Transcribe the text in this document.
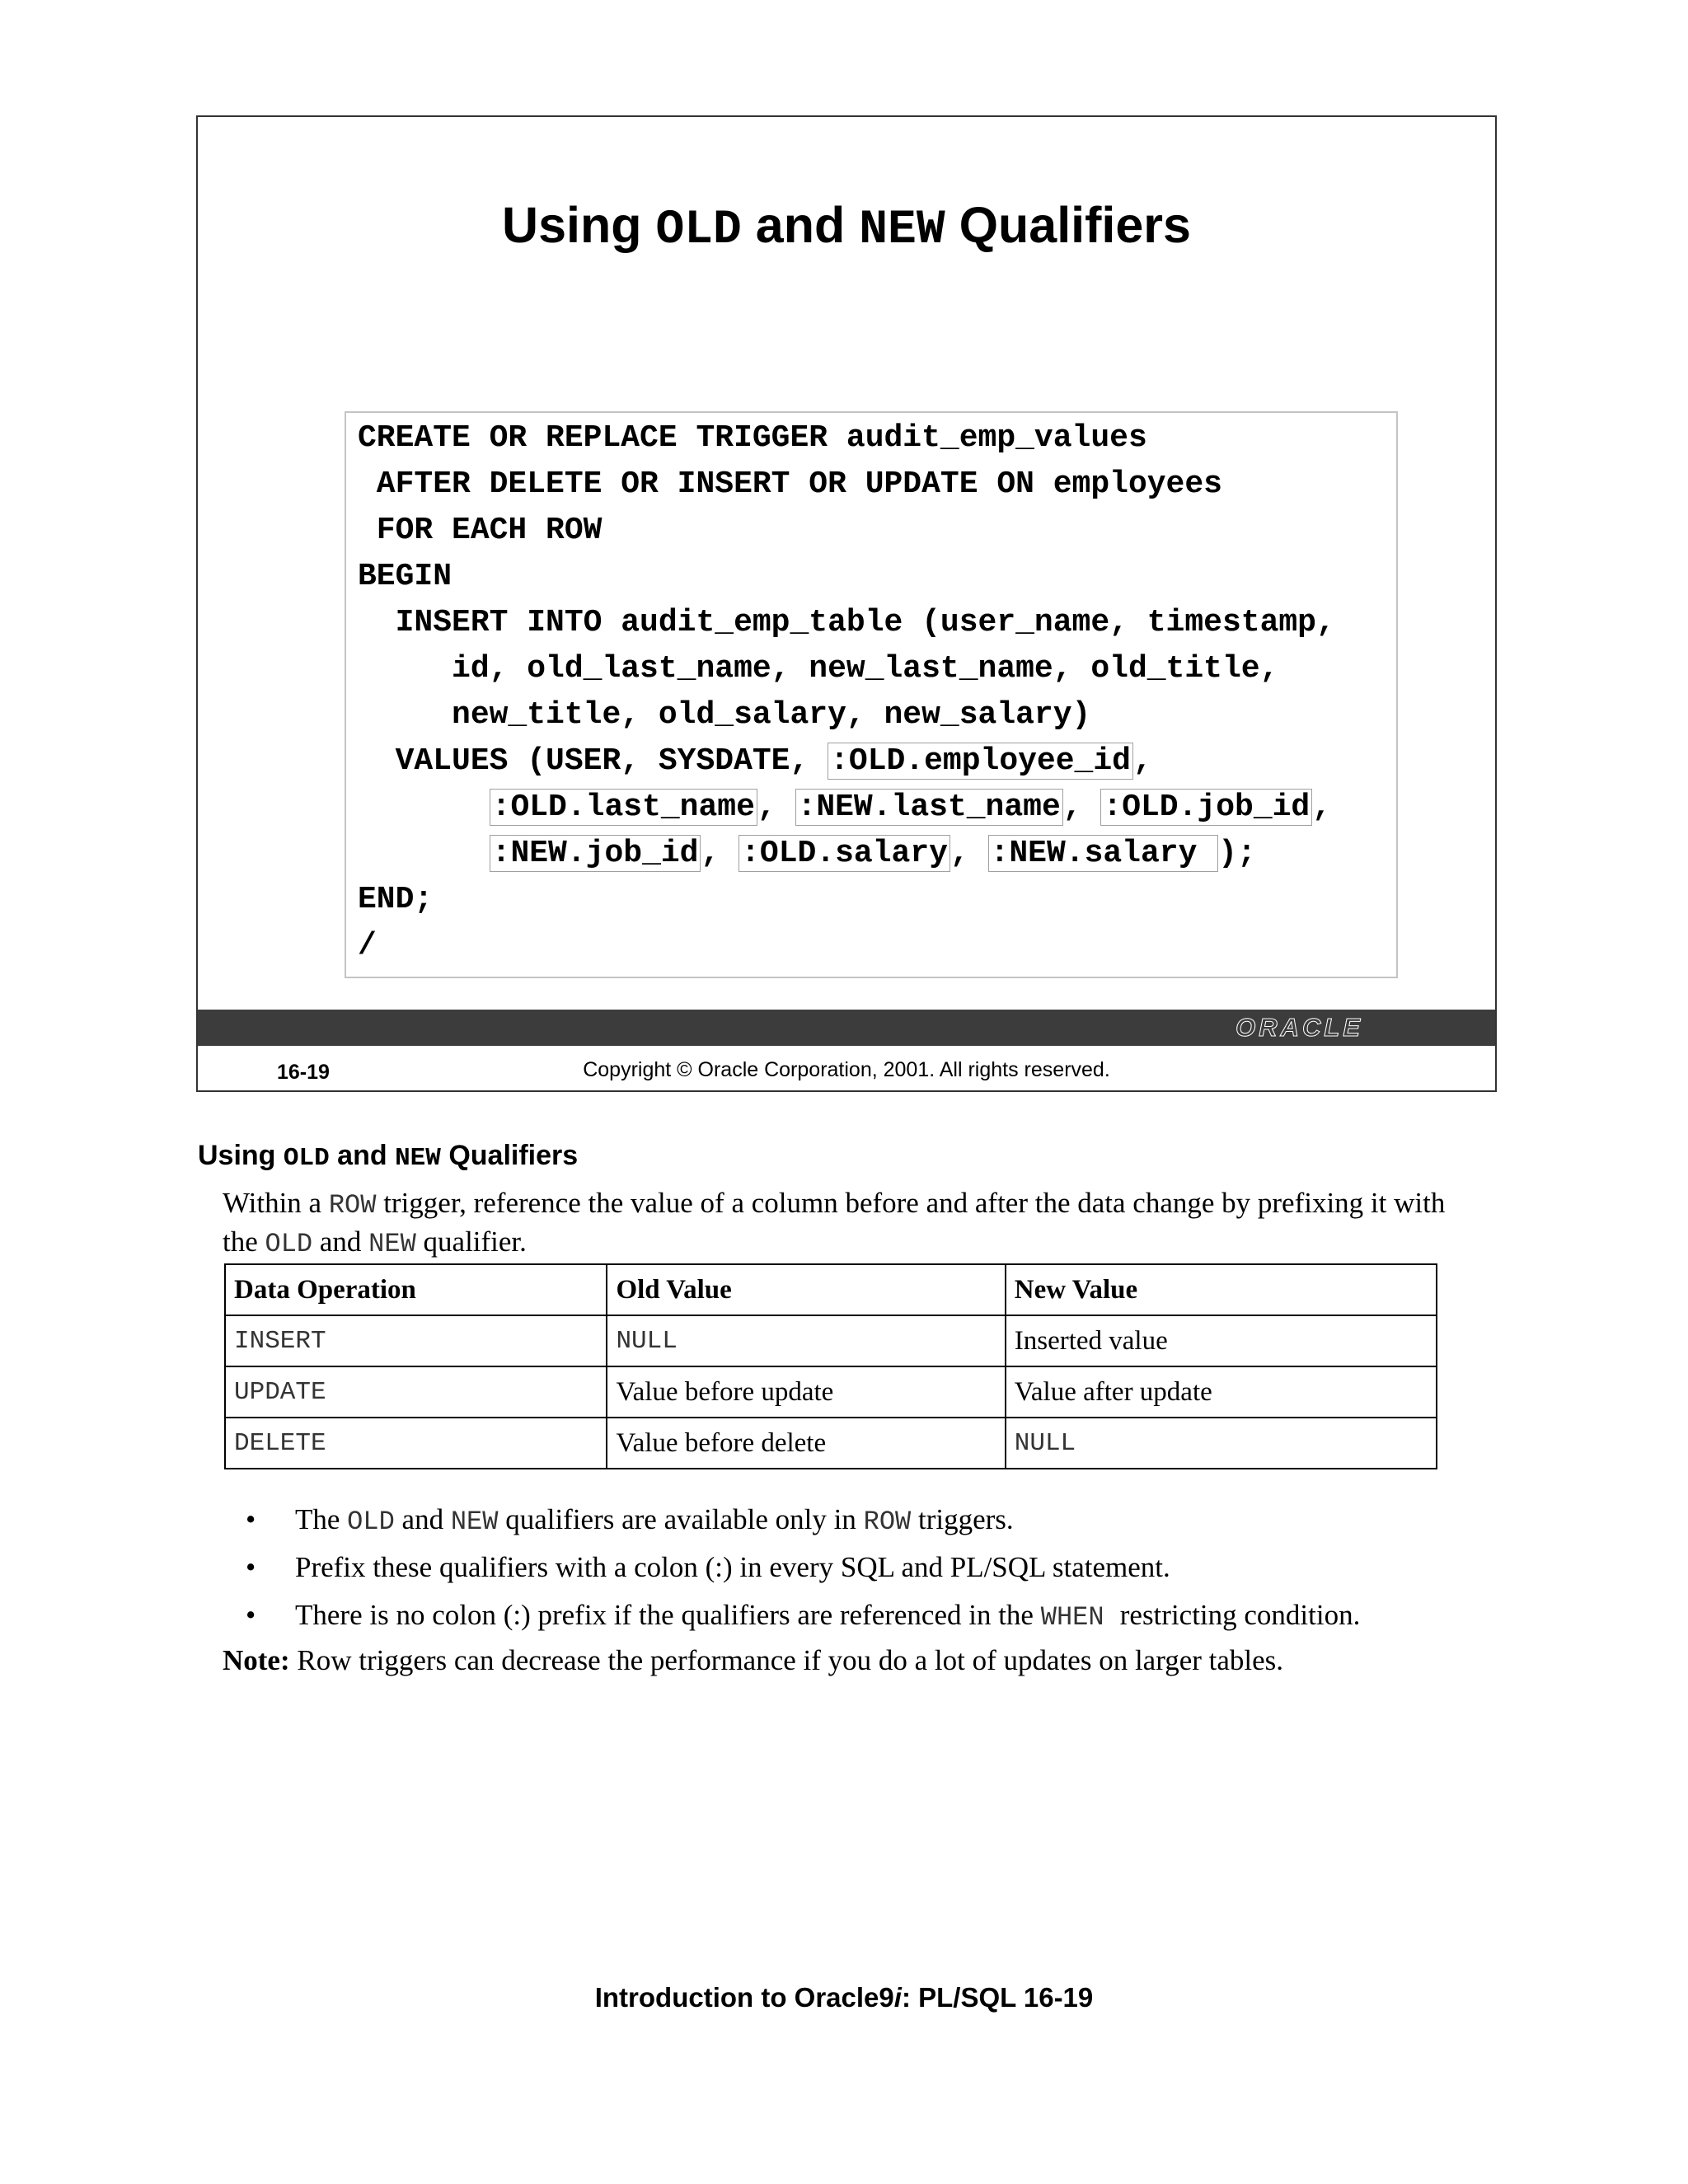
Using OLD and NEW Qualifiers
CREATE OR REPLACE TRIGGER audit_emp_values
AFTER DELETE OR INSERT OR UPDATE ON employees
FOR EACH ROW
BEGIN
INSERT INTO audit_emp_table (user_name, timestamp,
id, old_last_name, new_last_name, old_title,
new_title, old_salary, new_salary)
VALUES (USER, SYSDATE, :OLD.employee_id,
:OLD.last_name, :NEW.last_name, :OLD.job_id,
:NEW.job_id, :OLD.salary, :NEW.salary );
END;
/
ORACLE
16-19	Copyright © Oracle Corporation, 2001. All rights reserved.
Using OLD and NEW Qualifiers
Within a ROW trigger, reference the value of a column before and after the data change by prefixing it with the OLD and NEW qualifier.
Data Operation	Old Value	New Value
INSERT	NULL	Inserted value
UPDATE	Value before update	Value after update
DELETE	Value before delete	NULL
• The OLD and NEW qualifiers are available only in ROW triggers.
• Prefix these qualifiers with a colon (:) in every SQL and PL/SQL statement.
• There is no colon (:) prefix if the qualifiers are referenced in the WHEN restricting condition.
Note: Row triggers can decrease the performance if you do a lot of updates on larger tables.
Introduction to Oracle9i: PL/SQL 16-19
